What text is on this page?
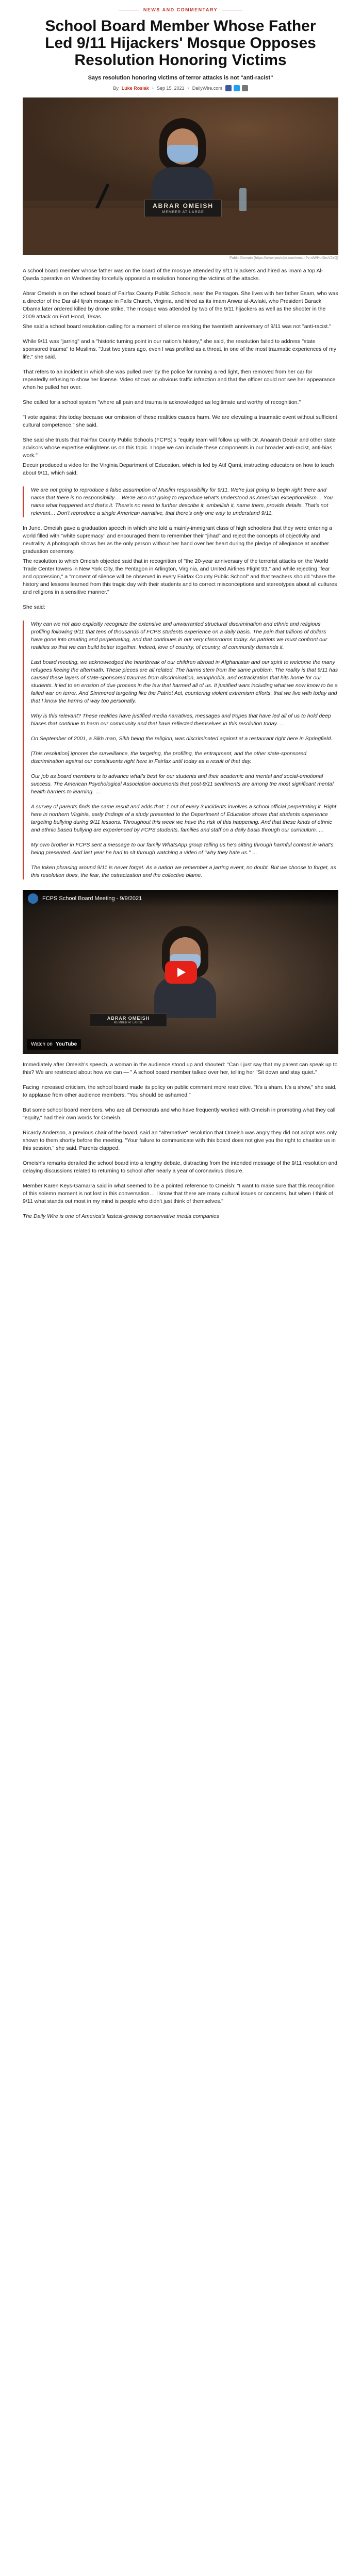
NEWS AND COMMENTARY
School Board Member Whose Father Led 9/11 Hijackers' Mosque Opposes Resolution Honoring Victims
Says resolution honoring victims of terror attacks is not "anti-racist"
By Luke Rosiak • Sep 15, 2021 • DailyWire.com
ABRAR OMEISH
MEMBER AT LARGE
Public Domain (https://www.youtube.com/watch?v=dWHutDrcV2zQ)

A school board member whose father was on the board of the mosque attended by 9/11 hijackers and hired as imam a top Al-Qaeda operative on Wednesday forcefully opposed a resolution honoring the victims of the attacks.

Abrar Omeish is on the school board of Fairfax County Public Schools, near the Pentagon. She lives with her father Esam, who was a director of the Dar al-Hijrah mosque in Falls Church, Virginia, and hired as its imam Anwar al-Awlaki, who President Barack Obama later ordered killed by drone strike. The mosque was attended by two of the 9/11 hijackers as well as the shooter in the 2009 attack on Fort Hood, Texas.

She said a school board resolution calling for a moment of silence marking the twentieth anniversary of 9/11 was not "anti-racist."

While 9/11 was "jarring" and a "historic turning point in our nation's history," she said, the resolution failed to address "state sponsored trauma" to Muslims. "Just two years ago, even I was profiled as a threat, in one of the most traumatic experiences of my life," she said.

That refers to an incident in which she was pulled over by the police for running a red light, then removed from her car for repeatedly refusing to show her license. Video shows an obvious traffic infraction and that the officer could not see her appearance when he pulled her over.

She called for a school system "where all pain and trauma is acknowledged as legitimate and worthy of recognition."

"I vote against this today because our omission of these realities causes harm. We are elevating a traumatic event without sufficient cultural competence," she said.

She said she trusts that Fairfax County Public Schools (FCPS)'s "equity team will follow up with Dr. Anaarah Decuir and other state advisors whose expertise enlightens us on this topic. I hope we can include these components in our broader anti-racist, anti-bias work."

Decuir produced a video for the Virginia Department of Education, which is led by Atif Qarni, instructing educators on how to teach about 9/11, which said:

We are not going to reproduce a false assumption of Muslim responsibility for 9/11. We're just going to begin right there and name that there is no responsibility… We're also not going to reproduce what's understood as American exceptionalism… You name what happened and that's it. There's no need to further describe it, embellish it, name them, provide details. That's not relevant… Don't reproduce a single American narrative, that there's only one way to understand 9/11.

In June, Omeish gave a graduation speech in which she told a mainly-immigrant class of high schoolers that they were entering a world filled with "white supremacy" and encouraged them to remember their "jihad" and reject the concepts of objectivity and neutrality. A photograph shows her as the only person without her hand over her heart during the pledge of allegiance at another graduation ceremony.

The resolution to which Omeish objected said that in recognition of "the 20-year anniversary of the terrorist attacks on the World Trade Center towers in New York City, the Pentagon in Arlington, Virginia, and United Airlines Flight 93," and while rejecting "fear and oppression," a "moment of silence will be observed in every Fairfax County Public School" and that teachers should "share the history and lessons learned from this tragic day with their students and to correct misconceptions and stereotypes about all cultures and religions in a sensitive manner."

She said:

Why can we not also explicitly recognize the extensive and unwarranted structural discrimination and ethnic and religious profiling following 9/11 that tens of thousands of FCPS students experience on a daily basis. The pain that trillions of dollars have gone into creating and perpetuating, and that continues in our very classrooms today. As patriots we must confront our realities so that we can build better together. Indeed, love of country, of country, of community demands it.

Last board meeting, we acknowledged the heartbreak of our children abroad in Afghanistan and our spirit to welcome the many refugees fleeing the aftermath. These pieces are all related. The harms stem from the same problem. The reality is that 9/11 has caused these layers of state-sponsored traumas from discrimination, xenophobia, and ostracization that hits home for our students. It led to an erosion of due process in the law that harmed all of us. It justified wars including what we now know to be a failed war on terror. And Simmered targeting like the Patriot Act, countering violent extremism efforts, that we live with today and that I know the harms of way too personally.

Why is this relevant? These realities have justified media narratives, messages and tropes that have led all of us to hold deep biases that continue to harm our community and that have reflected themselves in this resolution today. …

On September of 2001, a Sikh man, Sikh being the religion, was discriminated against at a restaurant right here in Springfield.

[This resolution] ignores the surveillance, the targeting, the profiling, the entrapment, and the other state-sponsored discrimination against our constituents right here in Fairfax until today as a result of that day.

Our job as board members is to advance what's best for our students and their academic and mental and social-emotional success. The American Psychological Association documents that post-9/11 sentiments are among the most significant mental health barriers to learning. …

A survey of parents finds the same result and adds that: 1 out of every 3 incidents involves a school official perpetrating it. Right here in northern Virginia, early findings of a study presented to the Department of Education shows that students experience targeting bullying during 9/11 lessons. Throughout this week we have the risk of this happening. And that these kinds of ethnic and ethnic based bullying are experienced by FCPS students, families and staff on a daily basis through our curriculum. …

My own brother in FCPS sent a message to our family WhatsApp group telling us he's sitting through harmful content in what's being presented. And last year he had to sit through watching a video of "why they hate us." …

The token phrasing around 9/11 is never forget. As a nation we remember a jarring event, no doubt. But we choose to forget, as this resolution does, the fear, the ostracization and the collective blame.

ABRAR OMEISH
MEMBER AT LARGE
FCPS School Board Meeting - 9/9/2021
Watch on YouTube

Immediately after Omeish's speech, a woman in the audience stood up and shouted: "Can I just say that my parent can speak up to this? We are restricted about how we can — " A school board member talked over her, telling her "Sit down and stay quiet."

Facing increased criticism, the school board made its policy on public comment more restrictive. "It's a sham. It's a show," she said, to applause from other audience members. "You should be ashamed."

But some school board members, who are all Democrats and who have frequently worked with Omeish in promoting what they call "equity," had their own words for Omeish.

Ricardy Anderson, a previous chair of the board, said an "alternative" resolution that Omeish was angry they did not adopt was only shown to them shortly before the meeting. "Your failure to communicate with this board does not give you the right to chastise us in this session," she said. Parents clapped.

Omeish's remarks derailed the school board into a lengthy debate, distracting from the intended message of the 9/11 resolution and delaying discussions related to returning to school after nearly a year of coronavirus closure.

Member Karen Keys-Gamarra said in what seemed to be a pointed reference to Omeish: "I want to make sure that this recognition of this solemn moment is not lost in this conversation… I know that there are many cultural issues or concerns, but when I think of 9/11 what stands out most in my mind is people who didn't just think of themselves."

The Daily Wire is one of America's fastest-growing conservative media companies
